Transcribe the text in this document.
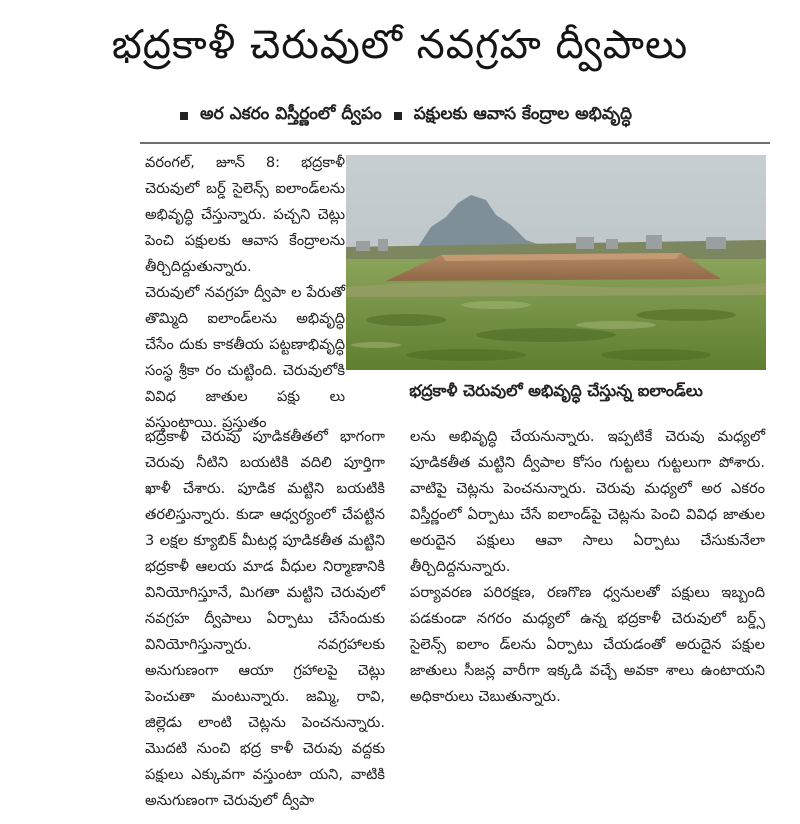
భద్రకాళీ చెరువులో నవగ్రహ ద్వీపాలు
అర ఎకరం విస్తీర్ణంలో ద్వీపం పక్షులకు ఆవాస కేంద్రాల అభివృద్ధి

వరంగల్‌, జూన్‌ 8: భద్రకాళీ చెరువులో బర్డ్‌ సైలెన్స్‌ ఐలాండ్‌లను అభివృద్ధి చేస్తున్నారు. పచ్చని చెట్లు పెంచి పక్షులకు ఆవాస కేంద్రాలను తీర్చిదిద్దుతున్నారు.

చెరువులో నవగ్రహ ద్వీపా ల పేరుతో తొమ్మిది ఐలాండ్‌లను అభివృద్ధి చేసేం దుకు కాకతీయ పట్టణాభివృద్ధి సంస్థ శ్రీకా రం చుట్టింది. చెరువులోకి వివిధ జాతుల పక్షు లు వస్తుంటాయి. ప్రస్తుతం

భద్రకాళీ చెరువులో అభివృద్ధి చేస్తున్న ఐలాండ్‌లు

భద్రకాళీ చెరువు పూడికతీతలో భాగంగా చెరువు నీటిని బయటికి వదిలి పూర్తిగా ఖాళీ చేశారు. పూడిక మట్టిని బయటికి తరలిస్తున్నారు. కుడా ఆధ్వర్యంలో చేపట్టిన 3 లక్షల క్యూబిక్‌ మీటర్ల పూడికతీత మట్టిని భద్రకాళీ ఆలయ మాడ వీధుల నిర్మాణానికి వినియోగిస్తూనే, మిగతా మట్టిని చెరువులో నవగ్రహ ద్వీపాలు ఏర్పాటు చేసేందుకు వినియోగిస్తున్నారు. నవగ్రహాలకు అనుగుణంగా ఆయా గ్రహాలపై చెట్లు పెంచుతా మంటున్నారు. జమ్మి, రావి, జిల్లెడు లాంటి చెట్లను పెంచనున్నారు. మొదటి నుంచి భద్ర కాళీ చెరువు వద్దకు పక్షులు ఎక్కువగా వస్తుంటా యని, వాటికి అనుగుణంగా చెరువులో ద్వీపా

లను అభివృద్ధి చేయనున్నారు. ఇప్పటికే చెరువు మధ్యలో పూడికతీత మట్టిని ద్వీపాల కోసం గుట్టలు గుట్టలుగా పోశారు. వాటిపై చెట్లను పెంచనున్నారు. చెరువు మధ్యలో అర ఎకరం విస్తీర్ణంలో ఏర్పాటు చేసే ఐలాండ్‌పై చెట్లను పెంచి వివిధ జాతుల అరుదైన పక్షులు ఆవా సాలు ఏర్పాటు చేసుకునేలా తీర్చిదిద్దనున్నారు.

పర్యావరణ పరిరక్షణ, రణగొణ ధ్వనులతో పక్షులు ఇబ్బంది పడకుండా నగరం మధ్యలో ఉన్న భద్రకాళీ చెరువులో బర్డ్స్‌ సైలెన్స్‌ ఐలాం డ్‌లను ఏర్పాటు చేయడంతో అరుదైన పక్షుల జాతులు సీజన్ల వారీగా ఇక్కడి వచ్చే అవకా శాలు ఉంటాయని అధికారులు చెబుతున్నారు.
